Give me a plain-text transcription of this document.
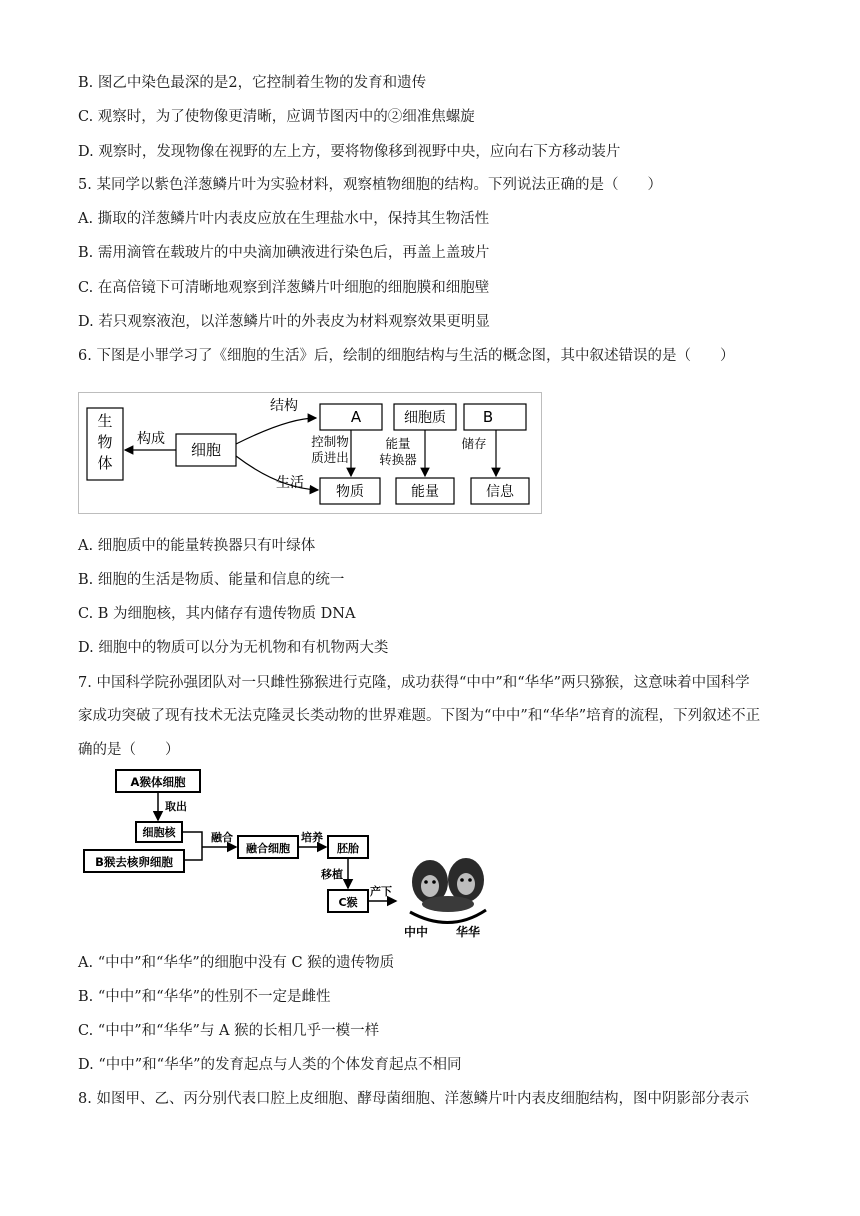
B. 图乙中染色最深的是2，它控制着生物的发育和遗传
C. 观察时，为了使物像更清晰，应调节图丙中的②细准焦螺旋
D. 观察时，发现物像在视野的左上方，要将物像移到视野中央，应向右下方移动装片
5. 某同学以紫色洋葱鳞片叶为实验材料，观察植物细胞的结构。下列说法正确的是（　　）
A. 撕取的洋葱鳞片叶内表皮应放在生理盐水中，保持其生物活性
B. 需用滴管在载玻片的中央滴加碘液进行染色后，再盖上盖玻片
C. 在高倍镜下可清晰地观察到洋葱鳞片叶细胞的细胞膜和细胞壁
D. 若只观察液泡，以洋葱鳞片叶的外表皮为材料观察效果更明显
6. 下图是小罪学习了《细胞的生活》后，绘制的细胞结构与生活的概念图，其中叙述错误的是（　　）
生物体
细胞
构成
结构
生活
A	细胞质 B
控制物
质进出
能量
转换器
储存
物质	能量	信息
A. 细胞质中的能量转换器只有叶绿体
B. 细胞的生活是物质、能量和信息的统一
C. B 为细胞核，其内储存有遗传物质 DNA
D. 细胞中的物质可以分为无机物和有机物两大类
7. 中国科学院孙强团队对一只雌性猕猴进行克隆，成功获得“中中”和“华华”两只猕猴，这意味着中国科学
家成功突破了现有技术无法克隆灵长类动物的世界难题。下图为“中中”和“华华”培育的流程，下列叙述不正
确的是（　　）
A猴体细胞
取出
细胞核
B猴去核卵细胞
融合
融合细胞
培养
胚胎
移植
C猴
产下
中中 华华
A. “中中”和“华华”的细胞中没有 C 猴的遗传物质
B. “中中”和“华华”的性别不一定是雌性
C. “中中”和“华华”与 A 猴的长相几乎一模一样
D. “中中”和“华华”的发育起点与人类的个体发育起点不相同
8. 如图甲、乙、丙分别代表口腔上皮细胞、酵母菌细胞、洋葱鳞片叶内表皮细胞结构，图中阴影部分表示
